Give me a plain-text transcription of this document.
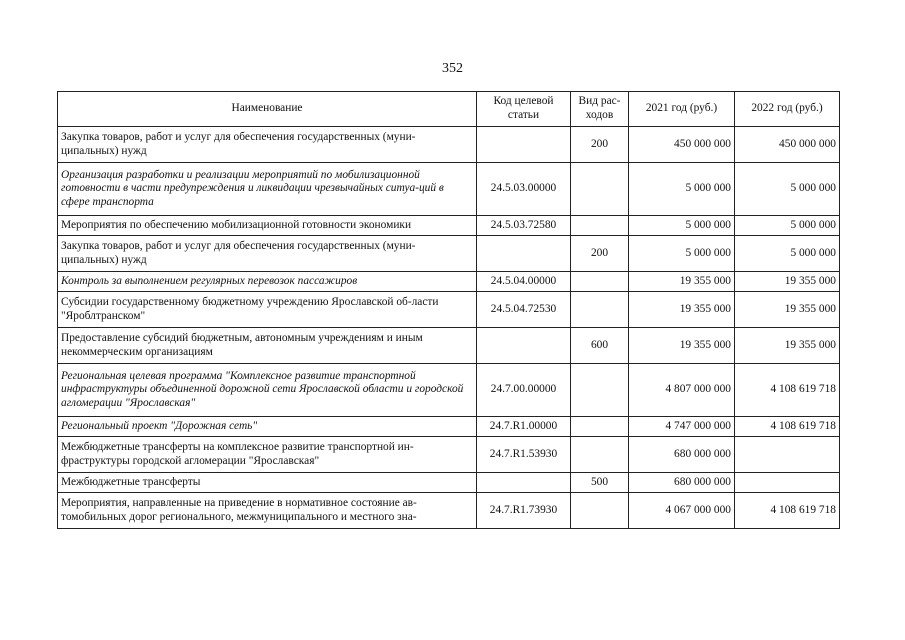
352
Наименование	Код целевой статьи	Вид рас-ходов	2021 год (руб.)	2022 год (руб.)
Закупка товаров, работ и услуг для обеспечения государственных (муни-ципальных) нужд		200	450 000 000	450 000 000
Организация разработки и реализации мероприятий по мобилизационной готовности в части предупреждения и ликвидации чрезвычайных ситуа-ций в сфере транспорта	24.5.03.00000		5 000 000	5 000 000
Мероприятия по обеспечению мобилизационной готовности экономики	24.5.03.72580		5 000 000	5 000 000
Закупка товаров, работ и услуг для обеспечения государственных (муни-ципальных) нужд		200	5 000 000	5 000 000
Контроль за выполнением регулярных перевозок пассажиров	24.5.04.00000		19 355 000	19 355 000
Субсидии государственному бюджетному учреждению Ярославской об-ласти "Яроблтранском"	24.5.04.72530		19 355 000	19 355 000
Предоставление субсидий бюджетным, автономным учреждениям и иным некоммерческим организациям		600	19 355 000	19 355 000
Региональная целевая программа "Комплексное развитие транспортной инфраструктуры объединенной дорожной сети Ярославской области и городской агломерации "Ярославская"	24.7.00.00000		4 807 000 000	4 108 619 718
Региональный проект "Дорожная сеть"	24.7.R1.00000		4 747 000 000	4 108 619 718
Межбюджетные трансферты на комплексное развитие транспортной ин-фраструктуры городской агломерации "Ярославская"	24.7.R1.53930		680 000 000	
Межбюджетные трансферты		500	680 000 000	
Мероприятия, направленные на приведение в нормативное состояние ав-томобильных дорог регионального, межмуниципального и местного зна-	24.7.R1.73930		4 067 000 000	4 108 619 718
